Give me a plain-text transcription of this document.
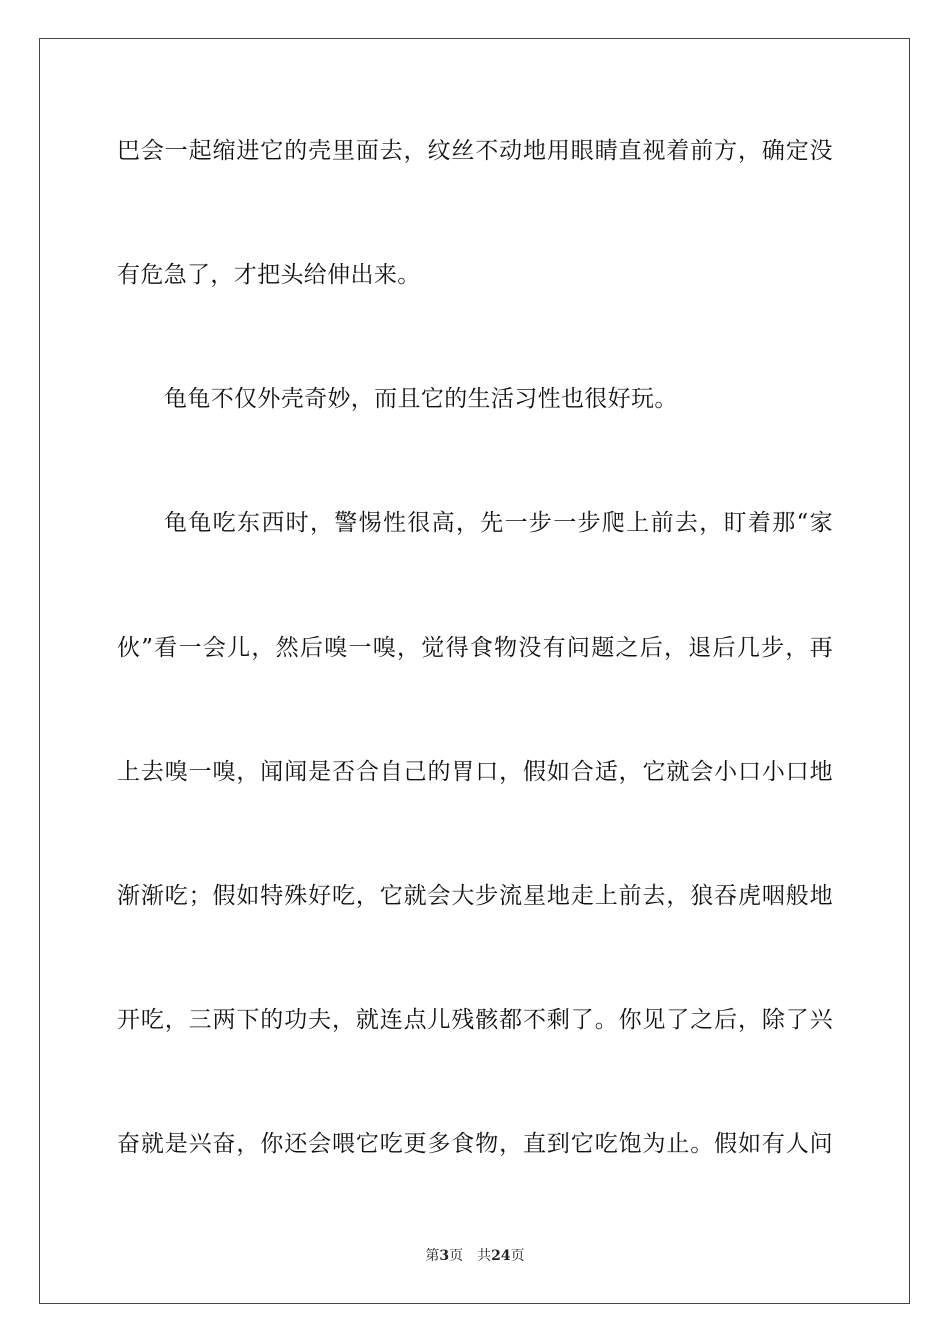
巴会一起缩进它的壳里面去，纹丝不动地用眼睛直视着前方，确定没
有危急了，才把头给伸出来。
龟龟不仅外壳奇妙，而且它的生活习性也很好玩。
龟龟吃东西时，警惕性很高，先一步一步爬上前去，盯着那“家
伙”看一会儿，然后嗅一嗅，觉得食物没有问题之后，退后几步，再
上去嗅一嗅，闻闻是否合自己的胃口，假如合适，它就会小口小口地
渐渐吃；假如特殊好吃，它就会大步流星地走上前去，狼吞虎咽般地
开吃，三两下的功夫，就连点儿残骸都不剩了。你见了之后，除了兴
奋就是兴奋，你还会喂它吃更多食物，直到它吃饱为止。假如有人问
第3页 共24页
